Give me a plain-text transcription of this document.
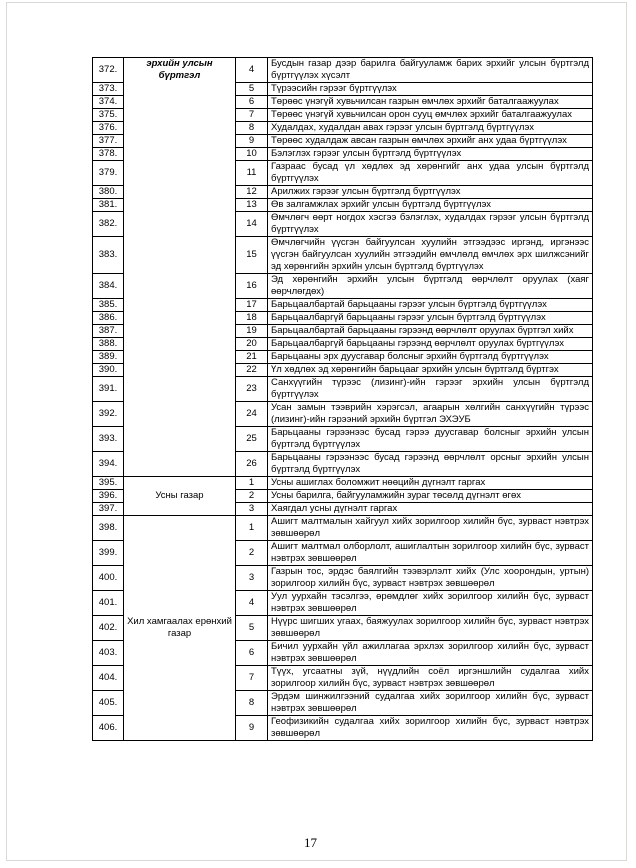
372.	эрхийн улсын бүртгэл	4	Бусдын газар дээр барилга байгууламж барих эрхийг улсын бүртгэлд бүртгүүлэх хүсэлт
373.		5	Түрээсийн гэрээг бүртгүүлэх
374.		6	Төрөөс үнэгүй хувьчилсан газрын өмчлөх эрхийг баталгаажуулах
375.		7	Төрөөс үнэгүй хувьчилсан орон сууц өмчлөх эрхийг баталгаажуулах
376.		8	Худалдах, худалдан авах гэрээг улсын бүртгэлд бүртгүүлэх
377.		9	Төрөөс худалдаж авсан газрын өмчлөх эрхийг анх удаа бүртгүүлэх
378.		10	Бэлэглэх гэрээг улсын бүртгэлд бүртгүүлэх
379.		11	Газраас бусад үл хөдлөх эд хөрөнгийг анх удаа улсын бүртгэлд бүртгүүлэх
380.		12	Арилжих гэрээг улсын бүртгэлд бүртгүүлэх
381.		13	Өв залгамжлах эрхийг улсын бүртгэлд бүртгүүлэх
382.		14	Өмчлөгч өөрт ногдох хэсгээ бэлэглэх, худалдах гэрээг улсын бүртгэлд бүртгүүлэх
383.		15	Өмчлөгчийн үүсгэн байгуулсан хуулийн этгээдээс иргэнд, иргэнээс үүсгэн байгуулсан хуулийн этгээдийн өмчлөлд өмчлөх эрх шилжсэнийг эд хөрөнгийн эрхийн улсын бүртгэлд бүртгүүлэх
384.		16	Эд хөрөнгийн эрхийн улсын бүртгэлд өөрчлөлт оруулах (хаяг өөрчлөгдөх)
385.		17	Барьцаалбартай барьцааны гэрээг улсын бүртгэлд бүртгүүлэх
386.		18	Барьцаалбаргүй барьцааны гэрээг улсын бүртгэлд бүртгүүлэх
387.		19	Барьцаалбартай барьцааны гэрээнд өөрчлөлт оруулах бүртгэл хийх
388.		20	Барьцаалбаргүй барьцааны гэрээнд өөрчлөлт оруулах бүртгүүлэх
389.		21	Барьцааны эрх дуусгавар болсныг эрхийн бүртгэлд бүртгүүлэх
390.		22	Үл хөдлөх эд хөрөнгийн барьцааг эрхийн улсын бүртгэлд бүртгэх
391.		23	Санхүүгийн түрээс (лизинг)-ийн гэрээг эрхийн улсын бүртгэлд бүртгүүлэх
392.		24	Усан замын тээврийн хэрэгсэл, агаарын хөлгийн санхүүгийн түрээс (лизинг)-ийн гэрээний эрхийн бүртгэл ЭХЭУБ
393.		25	Барьцааны гэрээнээс бусад гэрээ дуусгавар болсныг эрхийн улсын бүртгэлд бүртгүүлэх
394.		26	Барьцааны гэрээнээс бусад гэрээнд өөрчлөлт орсныг эрхийн улсын бүртгэлд бүртгүүлэх
395.	Усны газар	1	Усны ашиглах боломжит нөөцийн дүгнэлт гаргах
396.		2	Усны барилга, байгууламжийн зураг төсөлд дүгнэлт өгөх
397.		3	Хаягдал усны дүгнэлт гаргах
398.	Хил хамгаалах ерөнхий газар	1	Ашигт малтмалын хайгуул хийх зорилгоор хилийн бүс, зурваст нэвтрэх зөвшөөрөл
399.		2	Ашигт малтмал олборлолт, ашиглалтын зорилгоор хилийн бүс, зурваст нэвтрэх зөвшөөрөл
400.		3	Газрын тос, эрдэс баялгийн тээвэрлэлт хийх (Улс хоорондын, уртын) зорилгоор хилийн бүс, зурваст нэвтрэх зөвшөөрөл
401.		4	Уул уурхайн тэсэлгээ, өрөмдлөг хийх зорилгоор хилийн бүс, зурваст нэвтрэх зөвшөөрөл
402.		5	Нүүрс шигших угаах, баяжуулах зорилгоор хилийн бүс, зурваст нэвтрэх зөвшөөрөл
403.		6	Бичил уурхайн үйл ажиллагаа эрхлэх зорилгоор хилийн бүс, зурваст нэвтрэх зөвшөөрөл
404.		7	Түүх, угсаатны зүй, нүүдлийн соёл иргэншлийн судалгаа хийх зорилгоор хилийн бүс, зурваст нэвтрэх зөвшөөрөл
405.		8	Эрдэм шинжилгээний судалгаа хийх зорилгоор хилийн бүс, зурваст нэвтрэх зөвшөөрөл
406.		9	Геофизикийн судалгаа хийх зорилгоор хилийн бүс, зурваст нэвтрэх зөвшөөрөл
17
